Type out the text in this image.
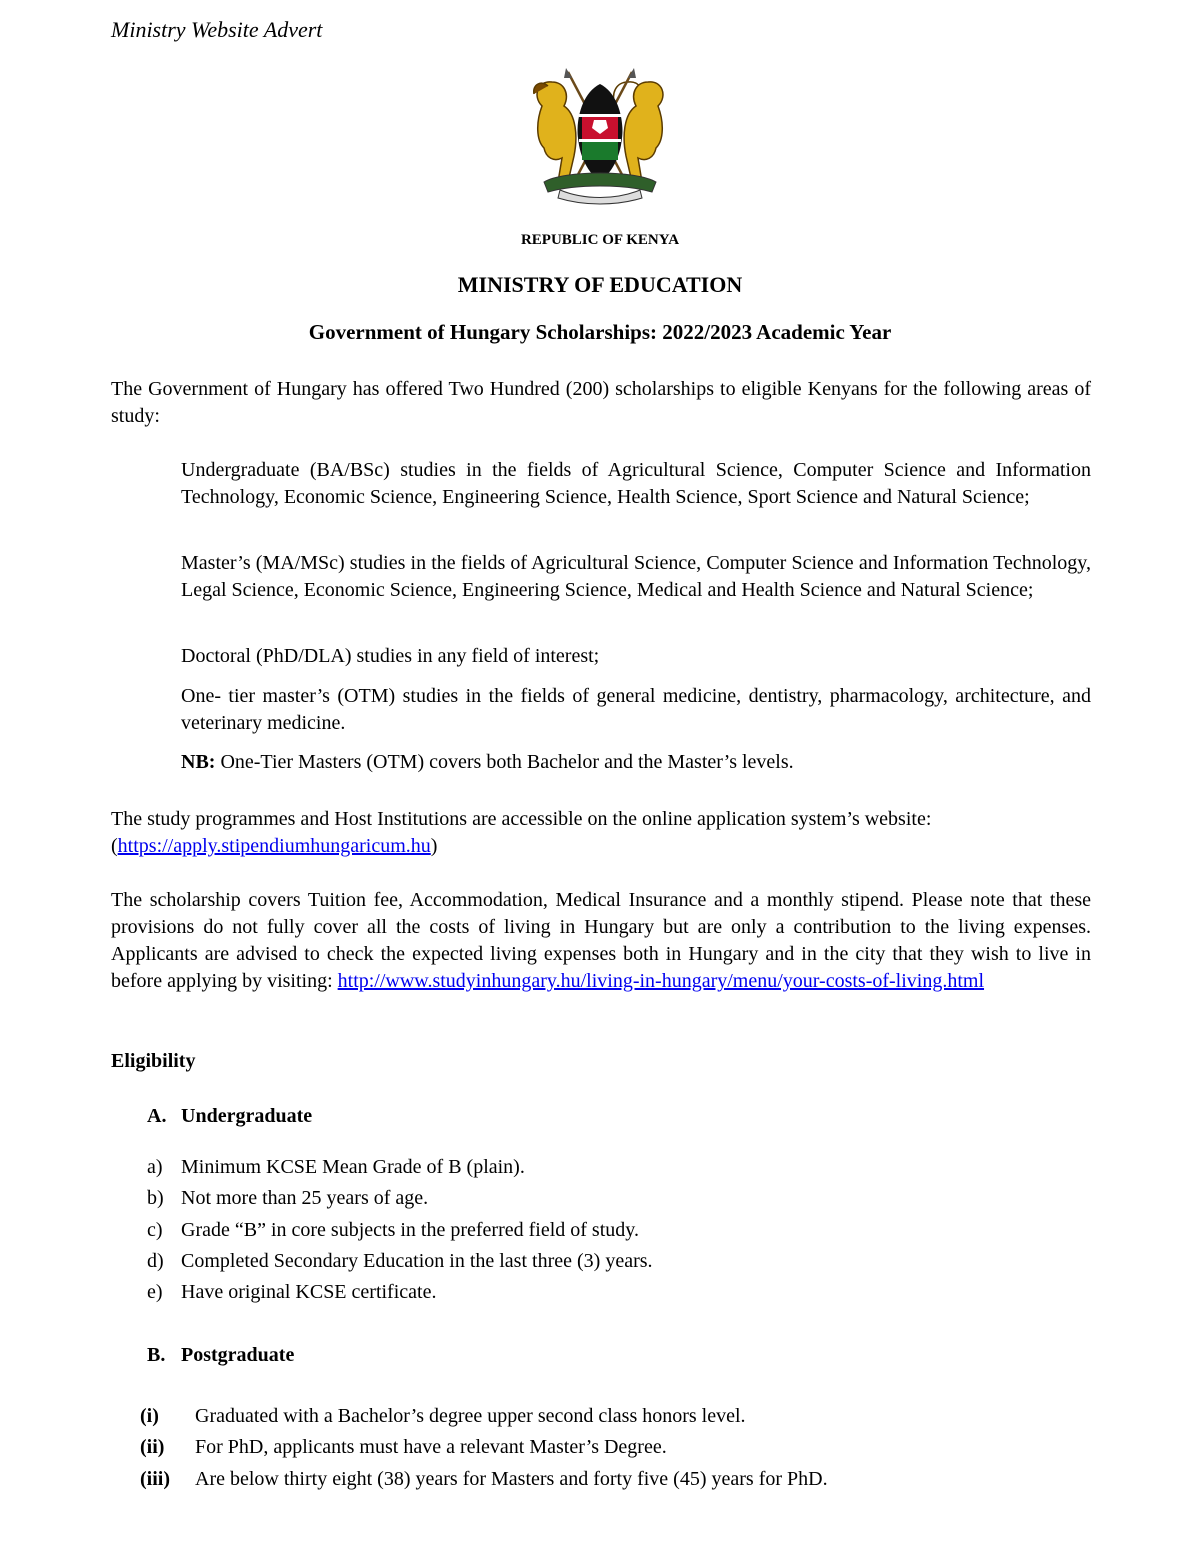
Ministry Website Advert
REPUBLIC OF KENYA
MINISTRY OF EDUCATION
Government of Hungary Scholarships: 2022/2023 Academic Year
The Government of Hungary has offered Two Hundred (200) scholarships to eligible Kenyans for the following areas of study:
Undergraduate (BA/BSc) studies in the fields of Agricultural Science, Computer Science and Information Technology, Economic Science, Engineering Science, Health Science, Sport Science and Natural Science;
Master’s (MA/MSc) studies in the fields of Agricultural Science, Computer Science and Information Technology, Legal Science, Economic Science, Engineering Science, Medical and Health Science and Natural Science;
Doctoral (PhD/DLA) studies in any field of interest;
One- tier master’s (OTM) studies in the fields of general medicine, dentistry, pharmacology, architecture, and veterinary medicine.
NB: One-Tier Masters (OTM) covers both Bachelor and the Master’s levels.
The study programmes and Host Institutions are accessible on the online application system’s website:
(https://apply.stipendiumhungaricum.hu)
The scholarship covers Tuition fee, Accommodation, Medical Insurance and a monthly stipend. Please note that these provisions do not fully cover all the costs of living in Hungary but are only a contribution to the living expenses. Applicants are advised to check the expected living expenses both in Hungary and in the city that they wish to live in before applying by visiting: http://www.studyinhungary.hu/living-in-hungary/menu/your-costs-of-living.html
Eligibility
A. Undergraduate
a) Minimum KCSE Mean Grade of B (plain).
b) Not more than 25 years of age.
c) Grade “B” in core subjects in the preferred field of study.
d) Completed Secondary Education in the last three (3) years.
e) Have original KCSE certificate.
B. Postgraduate
(i) Graduated with a Bachelor’s degree upper second class honors level.
(ii) For PhD, applicants must have a relevant Master’s Degree.
(iii) Are below thirty eight (38) years for Masters and forty five (45) years for PhD.
